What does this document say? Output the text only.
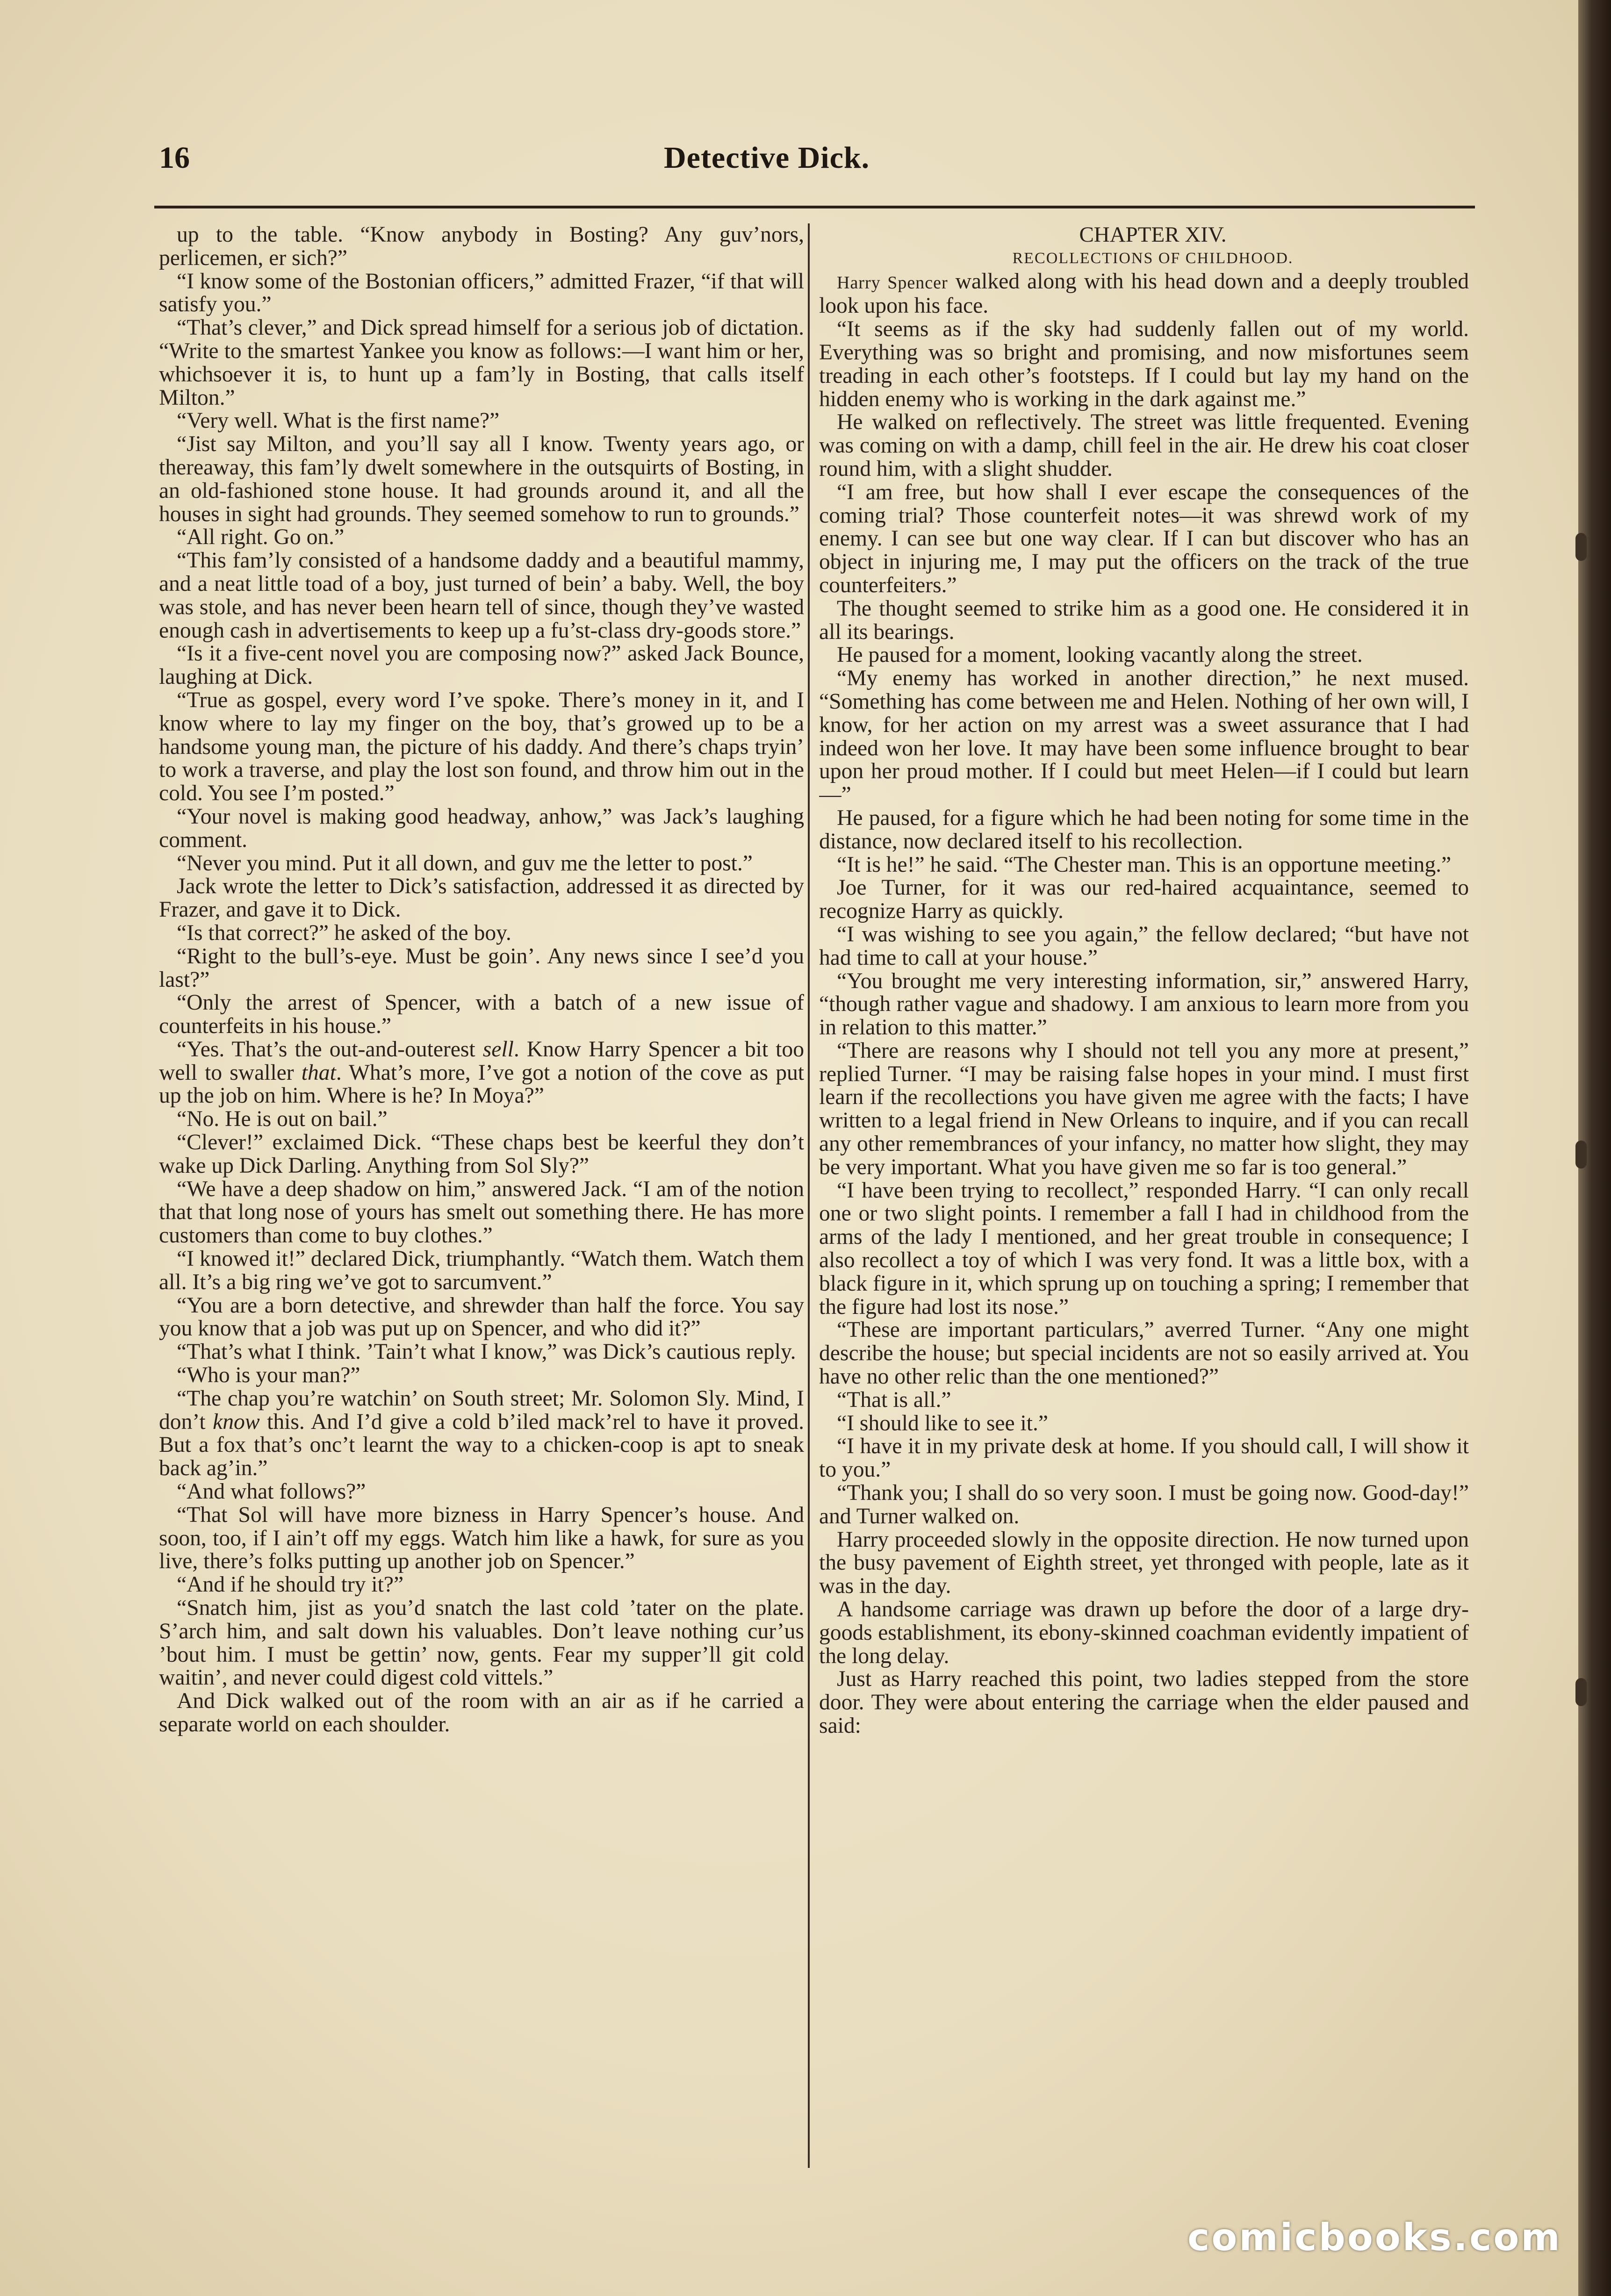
16	Detective Dick.

up to the table. “Know anybody in Bosting? Any guv’nors, perlicemen, er sich?”

“I know some of the Bostonian officers,” admitted Frazer, “if that will satisfy you.”

“That’s clever,” and Dick spread himself for a serious job of dictation. “Write to the smartest Yankee you know as follows:—I want him or her, whichsoever it is, to hunt up a fam’ly in Bosting, that calls itself Milton.”

“Very well. What is the first name?”

“Jist say Milton, and you’ll say all I know. Twenty years ago, or thereaway, this fam’ly dwelt somewhere in the outsquirts of Bosting, in an old-fashioned stone house. It had grounds around it, and all the houses in sight had grounds. They seemed somehow to run to grounds.”

“All right. Go on.”

“This fam’ly consisted of a handsome daddy and a beautiful mammy, and a neat little toad of a boy, just turned of bein’ a baby. Well, the boy was stole, and has never been hearn tell of since, though they’ve wasted enough cash in advertisements to keep up a fu’st-class dry-goods store.”

“Is it a five-cent novel you are composing now?” asked Jack Bounce, laughing at Dick.

“True as gospel, every word I’ve spoke. There’s money in it, and I know where to lay my finger on the boy, that’s growed up to be a handsome young man, the picture of his daddy. And there’s chaps tryin’ to work a traverse, and play the lost son found, and throw him out in the cold. You see I’m posted.”

“Your novel is making good headway, anhow,” was Jack’s laughing comment.

“Never you mind. Put it all down, and guv me the letter to post.”

Jack wrote the letter to Dick’s satisfaction, addressed it as directed by Frazer, and gave it to Dick.

“Is that correct?” he asked of the boy.

“Right to the bull’s-eye. Must be goin’. Any news since I see’d you last?”

“Only the arrest of Spencer, with a batch of a new issue of counterfeits in his house.”

“Yes. That’s the out-and-outerest sell. Know Harry Spencer a bit too well to swaller that. What’s more, I’ve got a notion of the cove as put up the job on him. Where is he? In Moya?”

“No. He is out on bail.”

“Clever!” exclaimed Dick. “These chaps best be keerful they don’t wake up Dick Darling. Anything from Sol Sly?”

“We have a deep shadow on him,” answered Jack. “I am of the notion that that long nose of yours has smelt out something there. He has more customers than come to buy clothes.”

“I knowed it!” declared Dick, triumphantly. “Watch them. Watch them all. It’s a big ring we’ve got to sarcumvent.”

“You are a born detective, and shrewder than half the force. You say you know that a job was put up on Spencer, and who did it?”

“That’s what I think. ’Tain’t what I know,” was Dick’s cautious reply.

“Who is your man?”

“The chap you’re watchin’ on South street; Mr. Solomon Sly. Mind, I don’t know this. And I’d give a cold b’iled mack’rel to have it proved. But a fox that’s onc’t learnt the way to a chicken-coop is apt to sneak back ag’in.”

“And what follows?”

“That Sol will have more bizness in Harry Spencer’s house. And soon, too, if I ain’t off my eggs. Watch him like a hawk, for sure as you live, there’s folks putting up another job on Spencer.”

“And if he should try it?”

“Snatch him, jist as you’d snatch the last cold ’tater on the plate. S’arch him, and salt down his valuables. Don’t leave nothing cur’us ’bout him. I must be gettin’ now, gents. Fear my supper’ll git cold waitin’, and never could digest cold vittels.”

And Dick walked out of the room with an air as if he carried a separate world on each shoulder.

CHAPTER XIV.

RECOLLECTIONS OF CHILDHOOD.

Harry Spencer walked along with his head down and a deeply troubled look upon his face.

“It seems as if the sky had suddenly fallen out of my world. Everything was so bright and promising, and now misfortunes seem treading in each other’s footsteps. If I could but lay my hand on the hidden enemy who is working in the dark against me.”

He walked on reflectively. The street was little frequented. Evening was coming on with a damp, chill feel in the air. He drew his coat closer round him, with a slight shudder.

“I am free, but how shall I ever escape the consequences of the coming trial? Those counterfeit notes—it was shrewd work of my enemy. I can see but one way clear. If I can but discover who has an object in injuring me, I may put the officers on the track of the true counterfeiters.”

The thought seemed to strike him as a good one. He considered it in all its bearings.

He paused for a moment, looking vacantly along the street.

“My enemy has worked in another direction,” he next mused. “Something has come between me and Helen. Nothing of her own will, I know, for her action on my arrest was a sweet assurance that I had indeed won her love. It may have been some influence brought to bear upon her proud mother. If I could but meet Helen—if I could but learn—”

He paused, for a figure which he had been noting for some time in the distance, now declared itself to his recollection.

“It is he!” he said. “The Chester man. This is an opportune meeting.”

Joe Turner, for it was our red-haired acquaintance, seemed to recognize Harry as quickly.

“I was wishing to see you again,” the fellow declared; “but have not had time to call at your house.”

“You brought me very interesting information, sir,” answered Harry, “though rather vague and shadowy. I am anxious to learn more from you in relation to this matter.”

“There are reasons why I should not tell you any more at present,” replied Turner. “I may be raising false hopes in your mind. I must first learn if the recollections you have given me agree with the facts; I have written to a legal friend in New Orleans to inquire, and if you can recall any other remembrances of your infancy, no matter how slight, they may be very important. What you have given me so far is too general.”

“I have been trying to recollect,” responded Harry. “I can only recall one or two slight points. I remember a fall I had in childhood from the arms of the lady I mentioned, and her great trouble in consequence; I also recollect a toy of which I was very fond. It was a little box, with a black figure in it, which sprung up on touching a spring; I remember that the figure had lost its nose.”

“These are important particulars,” averred Turner. “Any one might describe the house; but special incidents are not so easily arrived at. You have no other relic than the one mentioned?”

“That is all.”

“I should like to see it.”

“I have it in my private desk at home. If you should call, I will show it to you.”

“Thank you; I shall do so very soon. I must be going now. Good-day!” and Turner walked on.

Harry proceeded slowly in the opposite direction. He now turned upon the busy pavement of Eighth street, yet thronged with people, late as it was in the day.

A handsome carriage was drawn up before the door of a large dry-goods establishment, its ebony-skinned coachman evidently impatient of the long delay.

Just as Harry reached this point, two ladies stepped from the store door. They were about entering the carriage when the elder paused and said:

comicbooks.com
